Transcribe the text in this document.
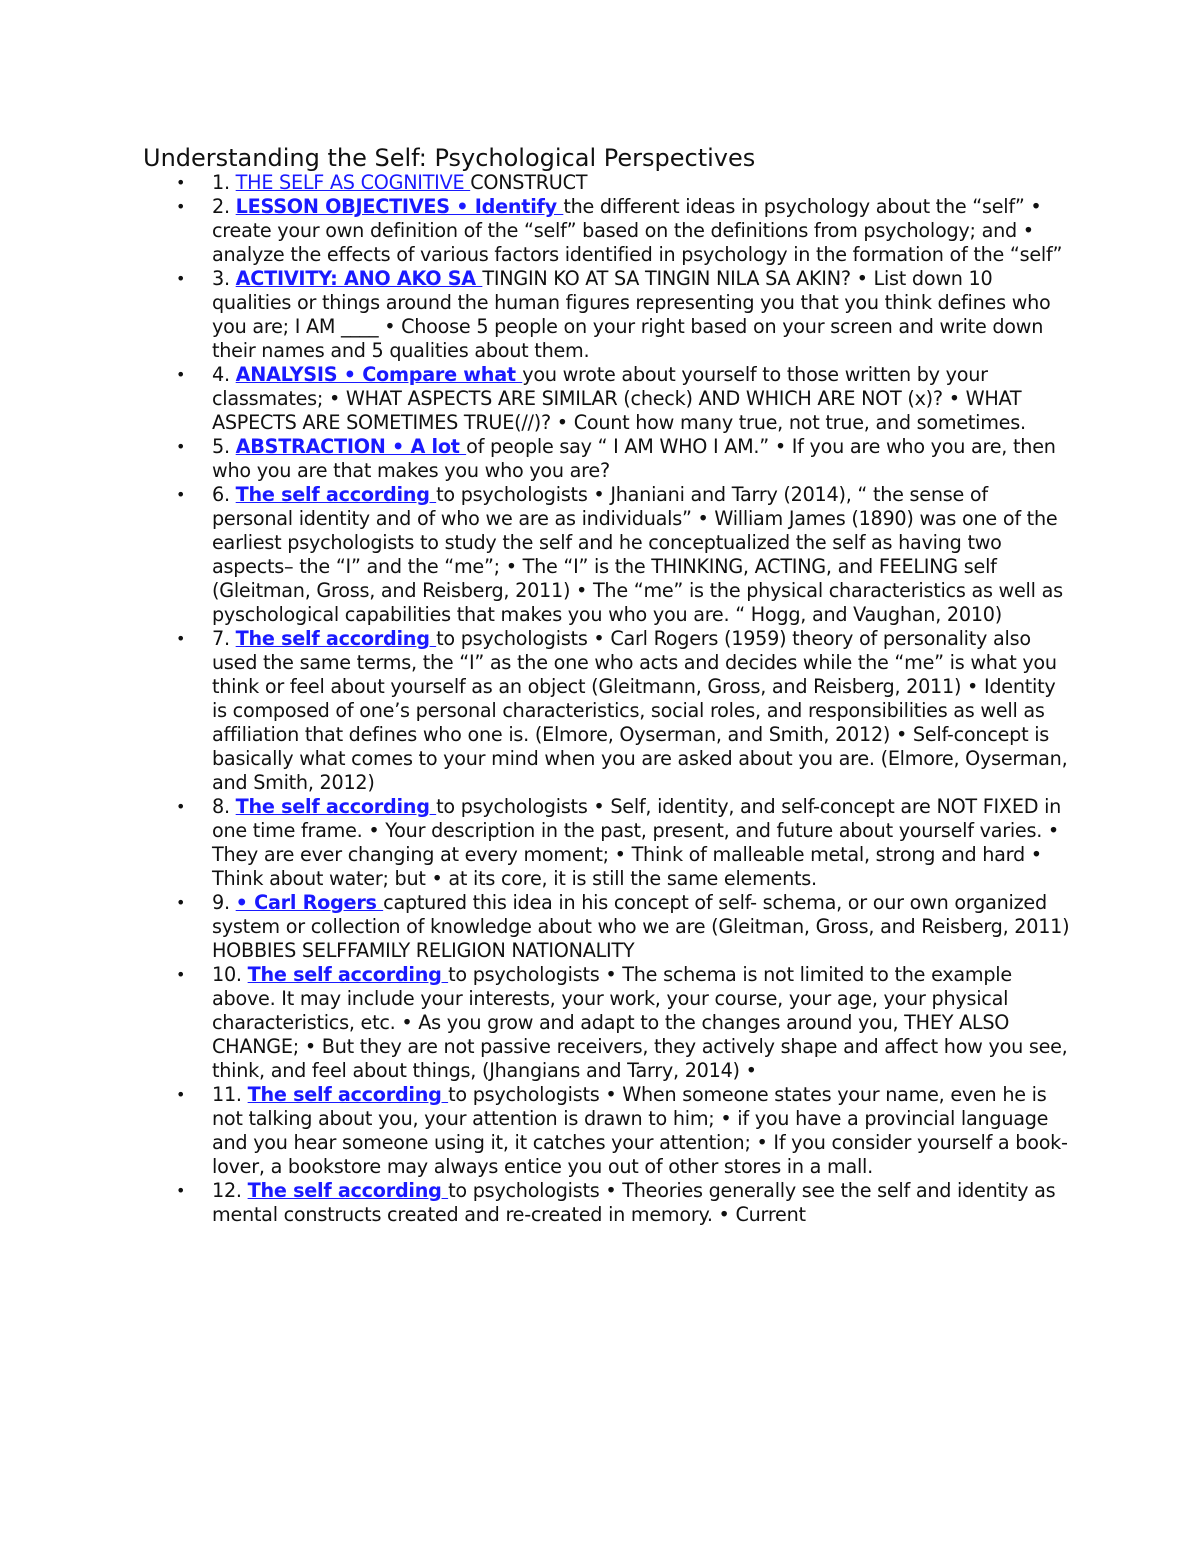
Understanding the Self: Psychological Perspectives
• 1. THE SELF AS COGNITIVE CONSTRUCT
• 2. LESSON OBJECTIVES • Identify the different ideas in psychology about the “self” • create your own definition of the “self” based on the definitions from psychology; and • analyze the effects of various factors identified in psychology in the formation of the “self”
• 3. ACTIVITY: ANO AKO SA TINGIN KO AT SA TINGIN NILA SA AKIN? • List down 10 qualities or things around the human figures representing you that you think defines who you are; I AM ____ • Choose 5 people on your right based on your screen and write down their names and 5 qualities about them.
• 4. ANALYSIS • Compare what you wrote about yourself to those written by your classmates; • WHAT ASPECTS ARE SIMILAR (check) AND WHICH ARE NOT (x)? • WHAT ASPECTS ARE SOMETIMES TRUE(//)? • Count how many true, not true, and sometimes.
• 5. ABSTRACTION • A lot of people say “ I AM WHO I AM.” • If you are who you are, then who you are that makes you who you are?
• 6. The self according to psychologists • Jhaniani and Tarry (2014), “ the sense of personal identity and of who we are as individuals” • William James (1890) was one of the earliest psychologists to study the self and he conceptualized the self as having two aspects– the “I” and the “me”; • The “I” is the THINKING, ACTING, and FEELING self (Gleitman, Gross, and Reisberg, 2011) • The “me” is the physical characteristics as well as pyschological capabilities that makes you who you are. “ Hogg, and Vaughan, 2010)
• 7. The self according to psychologists • Carl Rogers (1959) theory of personality also used the same terms, the “I” as the one who acts and decides while the “me” is what you think or feel about yourself as an object (Gleitmann, Gross, and Reisberg, 2011) • Identity is composed of one’s personal characteristics, social roles, and responsibilities as well as affiliation that defines who one is. (Elmore, Oyserman, and Smith, 2012) • Self-concept is basically what comes to your mind when you are asked about you are. (Elmore, Oyserman, and Smith, 2012)
• 8. The self according to psychologists • Self, identity, and self-concept are NOT FIXED in one time frame. • Your description in the past, present, and future about yourself varies. • They are ever changing at every moment; • Think of malleable metal, strong and hard • Think about water; but • at its core, it is still the same elements.
• 9. • Carl Rogers captured this idea in his concept of self- schema, or our own organized system or collection of knowledge about who we are (Gleitman, Gross, and Reisberg, 2011) HOBBIES SELFFAMILY RELIGION NATIONALITY
• 10. The self according to psychologists • The schema is not limited to the example above. It may include your interests, your work, your course, your age, your physical characteristics, etc. • As you grow and adapt to the changes around you, THEY ALSO CHANGE; • But they are not passive receivers, they actively shape and affect how you see, think, and feel about things, (Jhangians and Tarry, 2014) •
• 11. The self according to psychologists • When someone states your name, even he is not talking about you, your attention is drawn to him; • if you have a provincial language and you hear someone using it, it catches your attention; • If you consider yourself a book-lover, a bookstore may always entice you out of other stores in a mall.
• 12. The self according to psychologists • Theories generally see the self and identity as mental constructs created and re-created in memory. • Current
